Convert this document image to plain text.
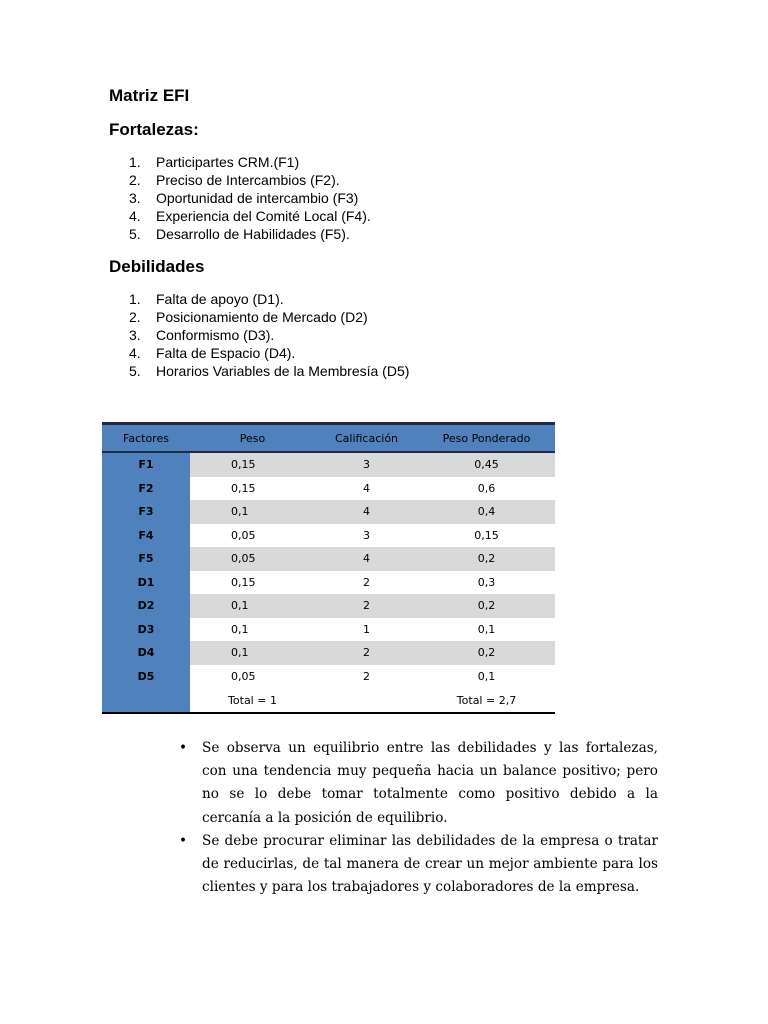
Matriz EFI
Fortalezas:
1.	Participartes CRM.(F1)
2.	Preciso de Intercambios (F2).
3.	Oportunidad de intercambio (F3)
4.	Experiencia del Comité Local (F4).
5.	Desarrollo de Habilidades (F5).
Debilidades
1.	Falta de apoyo (D1).
2.	Posicionamiento de Mercado (D2)
3.	Conformismo (D3).
4.	Falta de Espacio (D4).
5.	Horarios Variables de la Membresía (D5)
Factores	Peso	Calificación	Peso Ponderado
F1	0,15	3	0,45
F2	0,15	4	0,6
F3	0,1	4	0,4
F4	0,05	3	0,15
F5	0,05	4	0,2
D1	0,15	2	0,3
D2	0,1	2	0,2
D3	0,1	1	0,1
D4	0,1	2	0,2
D5	0,05	2	0,1
	Total = 1		Total = 2,7
• Se observa un equilibrio entre las debilidades y las fortalezas, con una tendencia muy pequeña hacia un balance positivo; pero no se lo debe tomar totalmente como positivo debido a la cercanía a la posición de equilibrio.
• Se debe procurar eliminar las debilidades de la empresa o tratar de reducirlas, de tal manera de crear un mejor ambiente para los clientes y para los trabajadores y colaboradores de la empresa.
